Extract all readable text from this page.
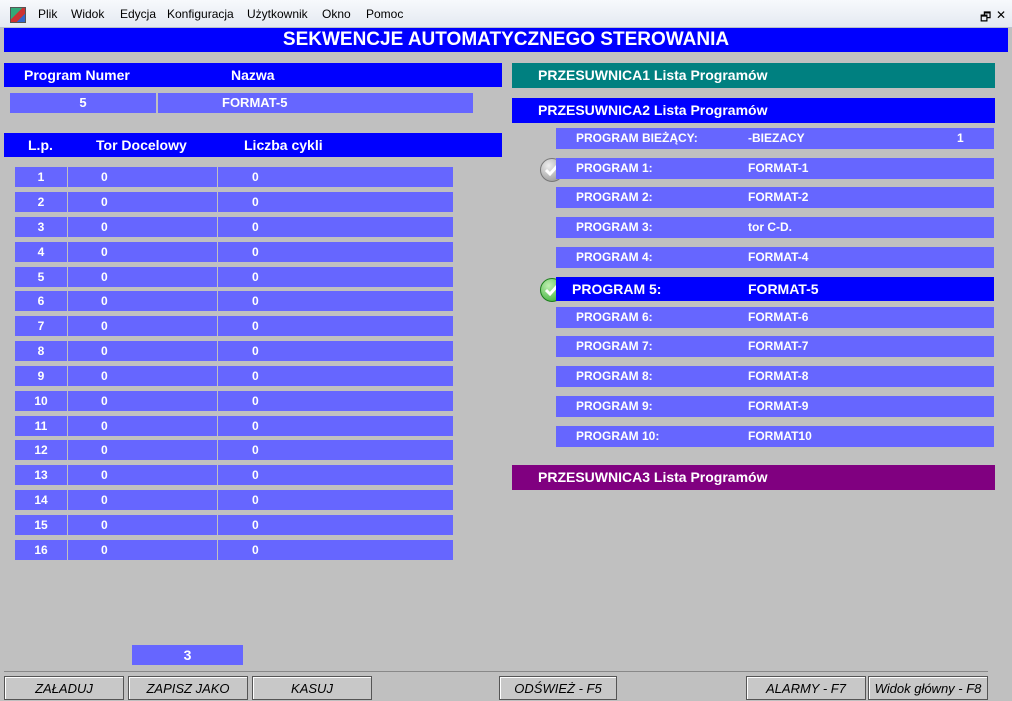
Plik Widok Edycja Konfiguracja Użytkownik Okno Pomoc	🗗 ✕
SEKWENCJE AUTOMATYCZNEGO STEROWANIA
Program Numer	Nazwa
5	FORMAT-5
L.p.	Tor Docelowy	Liczba cykli
1	0	0
2	0	0
3	0	0
4	0	0
5	0	0
6	0	0
7	0	0
8	0	0
9	0	0
10	0	0
11	0	0
12	0	0
13	0	0
14	0	0
15	0	0
16	0	0
3
PRZESUWNICA1 Lista Programów
PRZESUWNICA2 Lista Programów
PROGRAM BIEŻĄCY:	-BIEZACY	1
PROGRAM 1:	FORMAT-1
PROGRAM 2:	FORMAT-2
PROGRAM 3:	tor C-D.
PROGRAM 4:	FORMAT-4
PROGRAM 5:	FORMAT-5
PROGRAM 6:	FORMAT-6
PROGRAM 7:	FORMAT-7
PROGRAM 8:	FORMAT-8
PROGRAM 9:	FORMAT-9
PROGRAM 10:	FORMAT10
PRZESUWNICA3 Lista Programów
ZAŁADUJ	ZAPISZ JAKO	KASUJ	ODŚWIEŻ - F5	ALARMY - F7	Widok główny - F8
